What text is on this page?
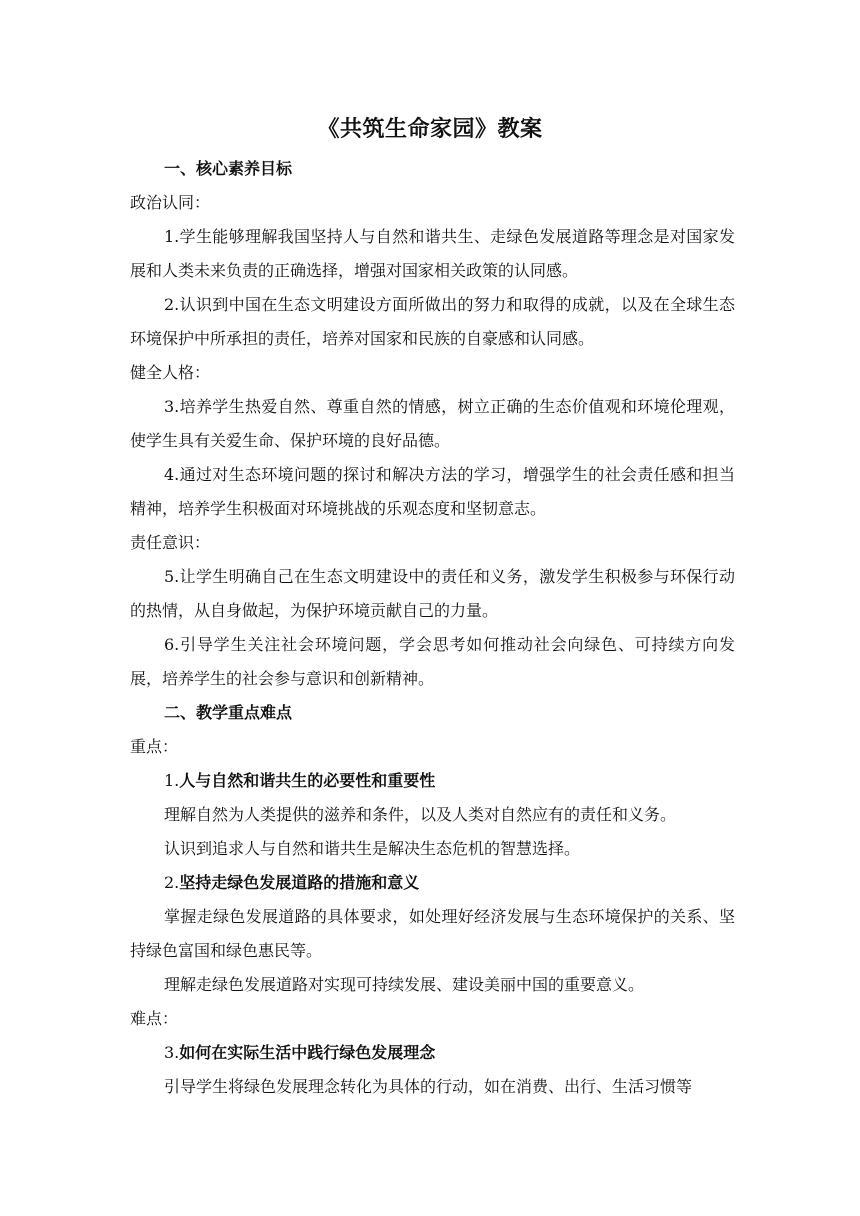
《共筑生命家园》教案
一、核心素养目标
政治认同：
1.学生能够理解我国坚持人与自然和谐共生、走绿色发展道路等理念是对国家发展和人类未来负责的正确选择，增强对国家相关政策的认同感。
2.认识到中国在生态文明建设方面所做出的努力和取得的成就，以及在全球生态环境保护中所承担的责任，培养对国家和民族的自豪感和认同感。
健全人格：
3.培养学生热爱自然、尊重自然的情感，树立正确的生态价值观和环境伦理观，使学生具有关爱生命、保护环境的良好品德。
4.通过对生态环境问题的探讨和解决方法的学习，增强学生的社会责任感和担当精神，培养学生积极面对环境挑战的乐观态度和坚韧意志。
责任意识：
5.让学生明确自己在生态文明建设中的责任和义务，激发学生积极参与环保行动的热情，从自身做起，为保护环境贡献自己的力量。
6.引导学生关注社会环境问题，学会思考如何推动社会向绿色、可持续方向发展，培养学生的社会参与意识和创新精神。
二、教学重点难点
重点：
1.人与自然和谐共生的必要性和重要性
理解自然为人类提供的滋养和条件，以及人类对自然应有的责任和义务。
认识到追求人与自然和谐共生是解决生态危机的智慧选择。
2.坚持走绿色发展道路的措施和意义
掌握走绿色发展道路的具体要求，如处理好经济发展与生态环境保护的关系、坚持绿色富国和绿色惠民等。
理解走绿色发展道路对实现可持续发展、建设美丽中国的重要意义。
难点：
3.如何在实际生活中践行绿色发展理念
引导学生将绿色发展理念转化为具体的行动，如在消费、出行、生活习惯等
